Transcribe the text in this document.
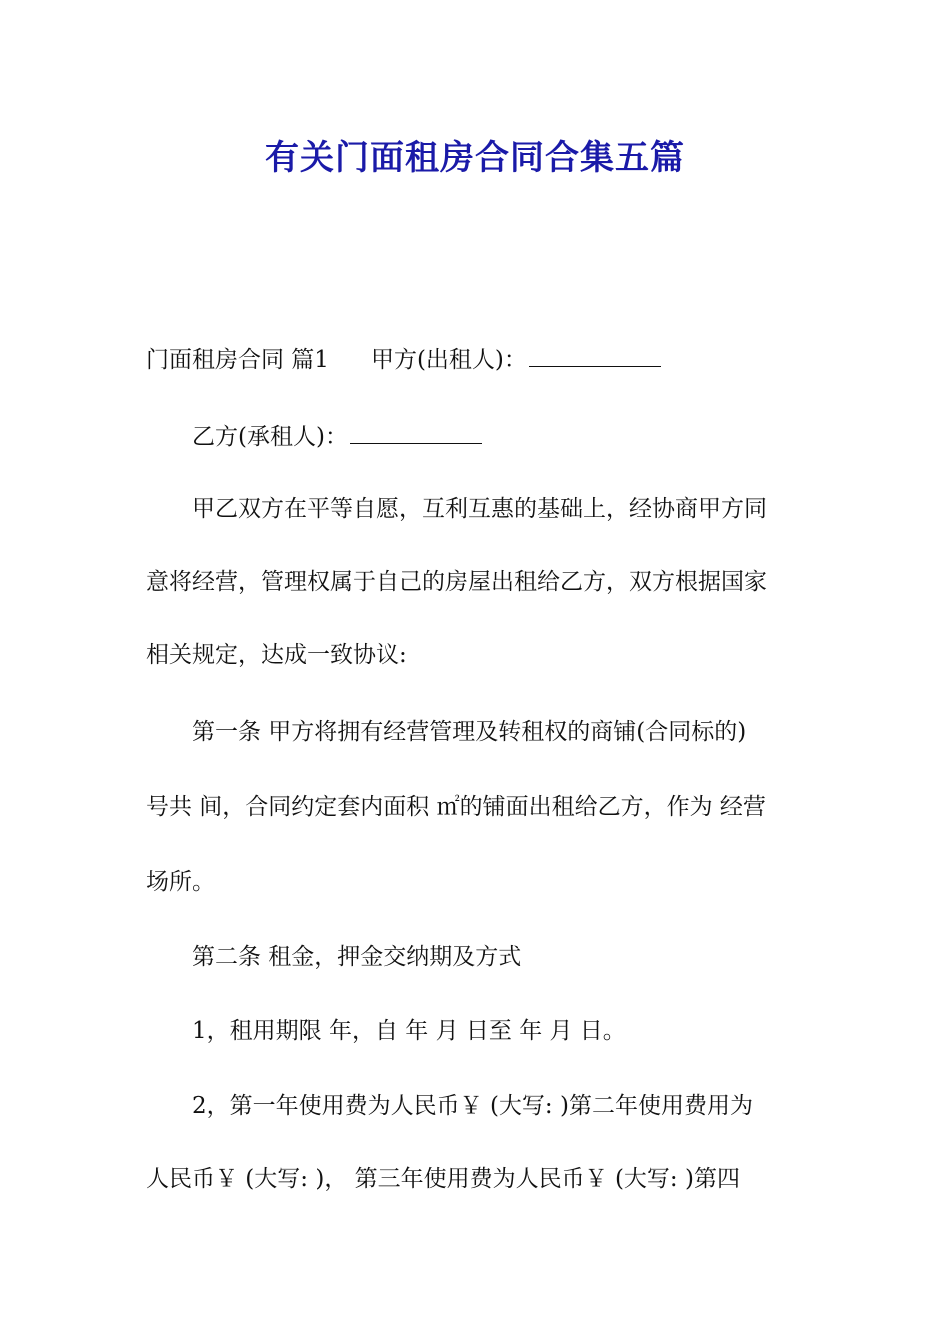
有关门面租房合同合集五篇
门面租房合同 篇1 甲方(出租人)：
乙方(承租人)：
甲乙双方在平等自愿，互利互惠的基础上，经协商甲方同
意将经营，管理权属于自己的房屋出租给乙方，双方根据国家
相关规定，达成一致协议:
第一条 甲方将拥有经营管理及转租权的商铺(合同标的)
号共 间，合同约定套内面积 ㎡的铺面出租给乙方，作为 经营
场所。
第二条 租金，押金交纳期及方式
1，租用期限 年，自 年 月 日至 年 月 日。
2，第一年使用费为人民币￥ (大写: )第二年使用费用为
人民币￥ (大写: )， 第三年使用费为人民币￥ (大写: )第四
